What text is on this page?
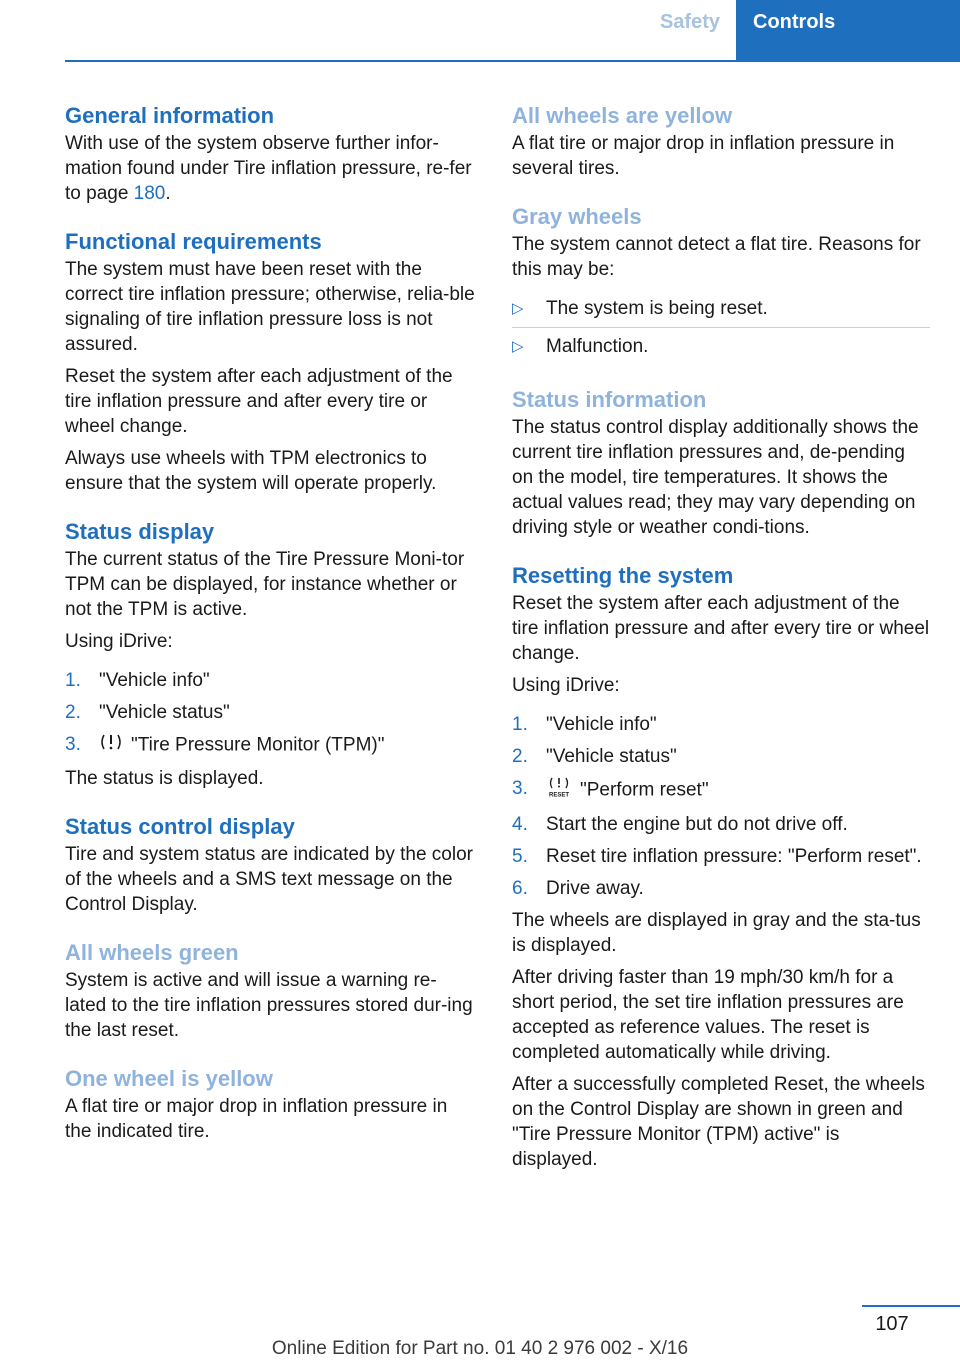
Safety	Controls
General information

With use of the system observe further infor-mation found under Tire inflation pressure, re-fer to page 180.

Functional requirements

The system must have been reset with the correct tire inflation pressure; otherwise, relia-ble signaling of tire inflation pressure loss is not assured.

Reset the system after each adjustment of the tire inflation pressure and after every tire or wheel change.

Always use wheels with TPM electronics to ensure that the system will operate properly.

Status display

The current status of the Tire Pressure Moni-tor TPM can be displayed, for instance whether or not the TPM is active.

Using iDrive:

1. "Vehicle info"
2. "Vehicle status"
3.	"Tire Pressure Monitor (TPM)"

The status is displayed.

Status control display

Tire and system status are indicated by the color of the wheels and a SMS text message on the Control Display.

All wheels green

System is active and will issue a warning re-lated to the tire inflation pressures stored dur-ing the last reset.

One wheel is yellow

A flat tire or major drop in inflation pressure in the indicated tire.

All wheels are yellow

A flat tire or major drop in inflation pressure in several tires.

Gray wheels

The system cannot detect a flat tire. Reasons for this may be:

▷ The system is being reset.
▷ Malfunction.
Status information

The status control display additionally shows the current tire inflation pressures and, de-pending on the model, tire temperatures. It shows the actual values read; they may vary depending on driving style or weather condi-tions.

Resetting the system

Reset the system after each adjustment of the tire inflation pressure and after every tire or wheel change.

Using iDrive:

1. "Vehicle info"
2. "Vehicle status"
3.	RESET "Perform reset"
4. Start the engine but do not drive off.
5. Reset tire inflation pressure: "Perform reset".
6. Drive away.

The wheels are displayed in gray and the sta-tus is displayed.

After driving faster than 19 mph/30 km/h for a short period, the set tire inflation pressures are accepted as reference values. The reset is completed automatically while driving.

After a successfully completed Reset, the wheels on the Control Display are shown in green and "Tire Pressure Monitor (TPM) active" is displayed.

107
Online Edition for Part no. 01 40 2 976 002 - X/16
